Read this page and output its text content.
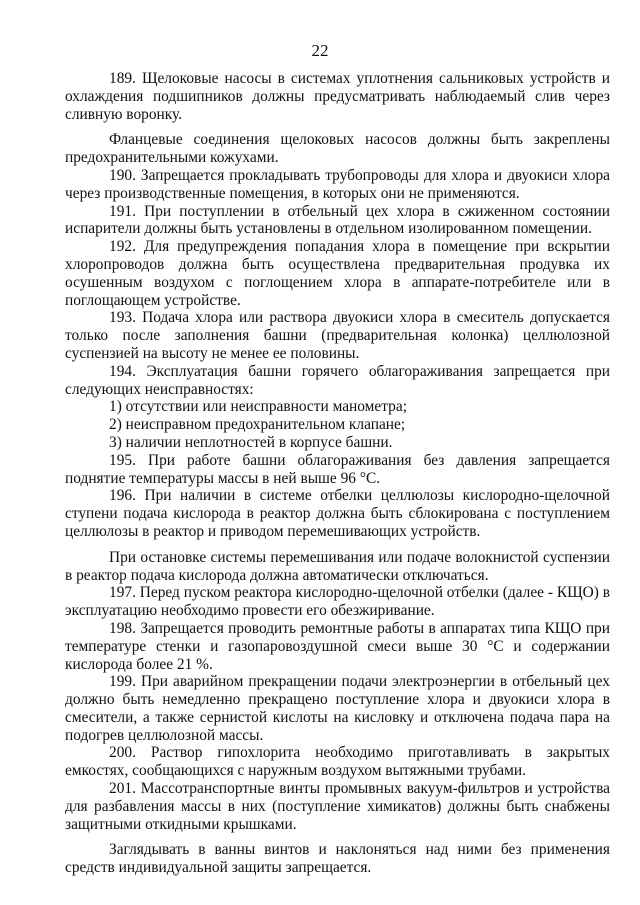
22

189. Щелоковые насосы в системах уплотнения сальниковых устройств и охлаждения подшипников должны предусматривать наблюдаемый слив через сливную воронку.

Фланцевые соединения щелоковых насосов должны быть закреплены предохранительными кожухами.

190. Запрещается прокладывать трубопроводы для хлора и двуокиси хлора через производственные помещения, в которых они не применяются.

191. При поступлении в отбельный цех хлора в сжиженном состоянии испарители должны быть установлены в отдельном изолированном помещении.

192. Для предупреждения попадания хлора в помещение при вскрытии хлоропроводов должна быть осуществлена предварительная продувка их осушенным воздухом с поглощением хлора в аппарате-потребителе или в поглощающем устройстве.

193. Подача хлора или раствора двуокиси хлора в смеситель допускается только после заполнения башни (предварительная колонка) целлюлозной суспензией на высоту не менее ее половины.

194. Эксплуатация башни горячего облагораживания запрещается при следующих неисправностях:

1) отсутствии или неисправности манометра;

2) неисправном предохранительном клапане;

3) наличии неплотностей в корпусе башни.

195. При работе башни облагораживания без давления запрещается поднятие температуры массы в ней выше 96 °С.

196. При наличии в системе отбелки целлюлозы кислородно-щелочной ступени подача кислорода в реактор должна быть сблокирована с поступлением целлюлозы в реактор и приводом перемешивающих устройств.

При остановке системы перемешивания или подаче волокнистой суспензии в реактор подача кислорода должна автоматически отключаться.

197. Перед пуском реактора кислородно-щелочной отбелки (далее - КЩО) в эксплуатацию необходимо провести его обезжиривание.

198. Запрещается проводить ремонтные работы в аппаратах типа КЩО при температуре стенки и газопаровоздушной смеси выше 30 °С и содержании кислорода более 21 %.

199. При аварийном прекращении подачи электроэнергии в отбельный цех должно быть немедленно прекращено поступление хлора и двуокиси хлора в смесители, а также сернистой кислоты на кисловку и отключена подача пара на подогрев целлюлозной массы.

200. Раствор гипохлорита необходимо приготавливать в закрытых емкостях, сообщающихся с наружным воздухом вытяжными трубами.

201. Массотранспортные винты промывных вакуум-фильтров и устройства для разбавления массы в них (поступление химикатов) должны быть снабжены защитными откидными крышками.

Заглядывать в ванны винтов и наклоняться над ними без применения средств индивидуальной защиты запрещается.
